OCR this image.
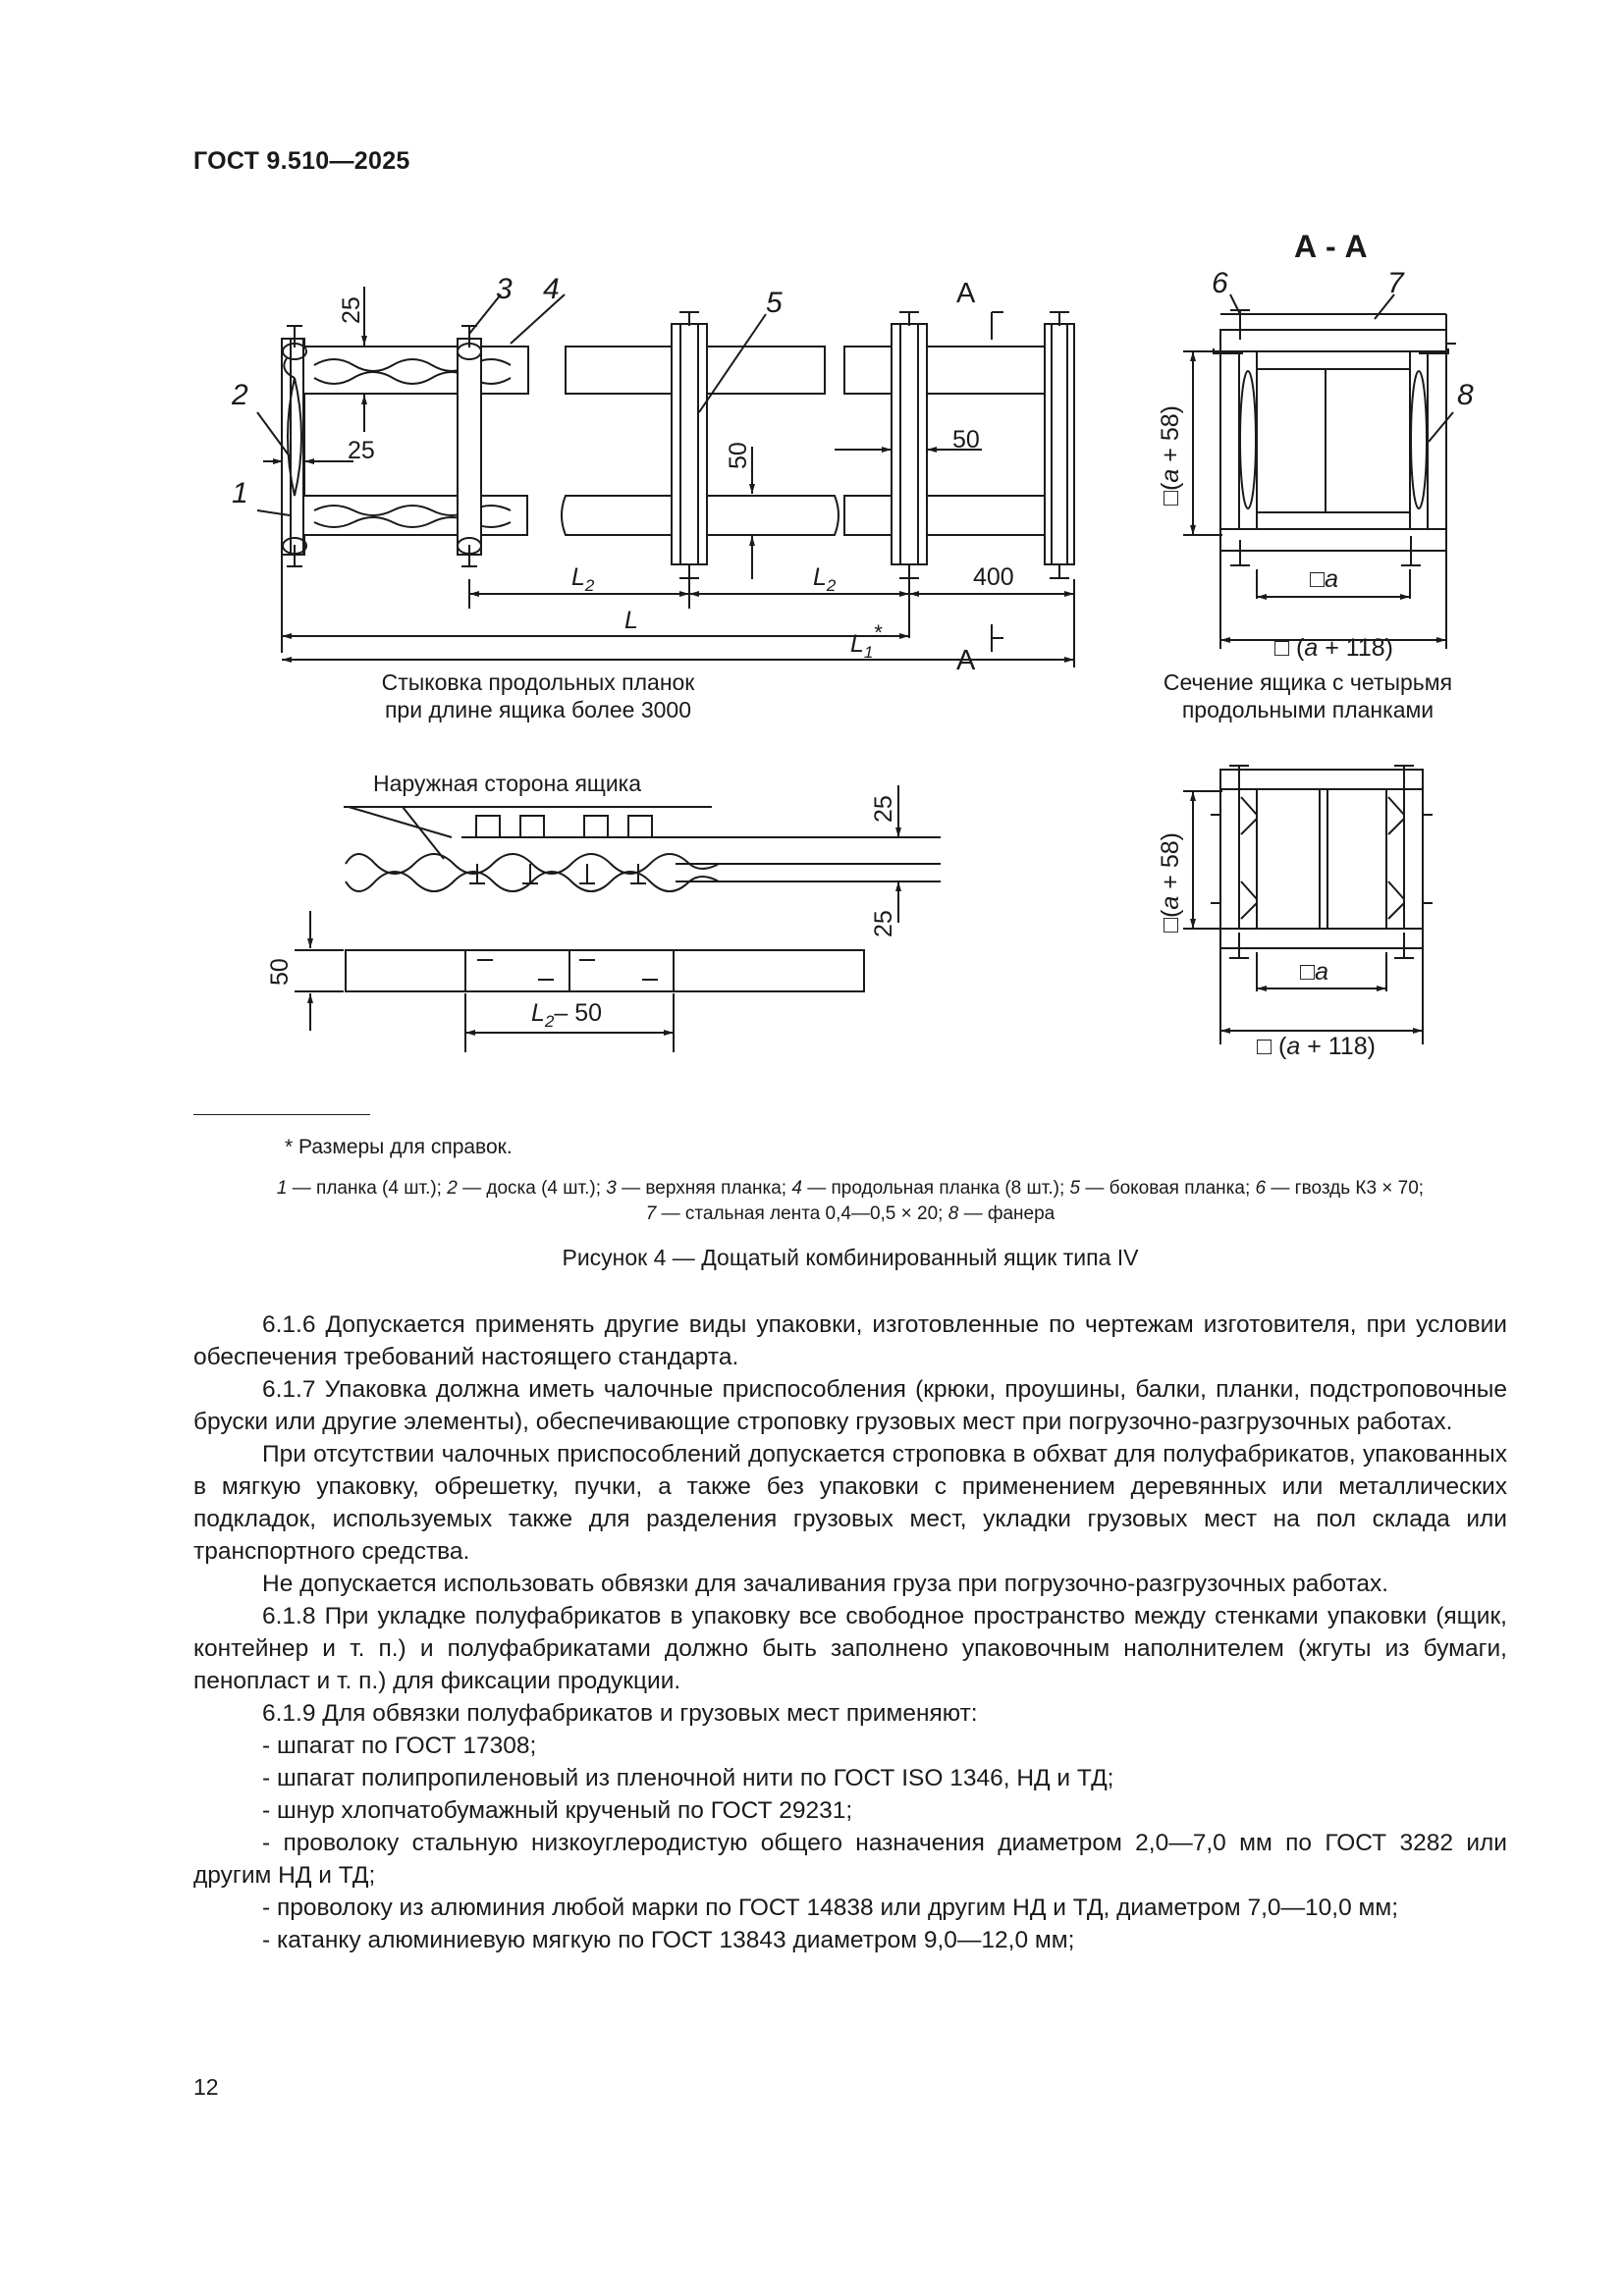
ГОСТ 9.510—2025
А - А
А
А
1
2
3 4	5
6	7
8
25
25	50
50
400
$L_2$	$L_2$
L
$L_1*$
□(a + 58)
□a
□ (a + 118)
□(a + 58)
□a
□ (a + 118)
25
25
50
$L_2-$ 50
Стыковка продольных планок
при длине ящика более 3000
Сечение ящика с четырьмя
продольными планками
Наружная сторона ящика
* Размеры для справок.
1 — планка (4 шт.); 2 — доска (4 шт.); 3 — верхняя планка; 4 — продольная планка (8 шт.); 5 — боковая планка; 6 — гвоздь К3 × 70;
7 — стальная лента 0,4—0,5 × 20; 8 — фанера
Рисунок 4 — Дощатый комбинированный ящик типа IV

6.1.6 Допускается применять другие виды упаковки, изготовленные по чертежам изготовителя, при условии обеспечения требований настоящего стандарта.

6.1.7 Упаковка должна иметь чалочные приспособления (крюки, проушины, балки, планки, подстроповочные бруски или другие элементы), обеспечивающие строповку грузовых мест при погрузочно-разгрузочных работах.

При отсутствии чалочных приспособлений допускается строповка в обхват для полуфабрикатов, упакованных в мягкую упаковку, обрешетку, пучки, а также без упаковки с применением деревянных или металлических подкладок, используемых также для разделения грузовых мест, укладки грузовых мест на пол склада или транспортного средства.

Не допускается использовать обвязки для зачаливания груза при погрузочно-разгрузочных работах.

6.1.8 При укладке полуфабрикатов в упаковку все свободное пространство между стенками упаковки (ящик, контейнер и т. п.) и полуфабрикатами должно быть заполнено упаковочным наполнителем (жгуты из бумаги, пенопласт и т. п.) для фиксации продукции.

6.1.9 Для обвязки полуфабрикатов и грузовых мест применяют:

- шпагат по ГОСТ 17308;

- шпагат полипропиленовый из пленочной нити по ГОСТ ISO 1346, НД и ТД;

- шнур хлопчатобумажный крученый по ГОСТ 29231;

- проволоку стальную низкоуглеродистую общего назначения диаметром 2,0—7,0 мм по ГОСТ 3282 или другим НД и ТД;

- проволоку из алюминия любой марки по ГОСТ 14838 или другим НД и ТД, диаметром 7,0—10,0 мм;

- катанку алюминиевую мягкую по ГОСТ 13843 диаметром 9,0—12,0 мм;

12
